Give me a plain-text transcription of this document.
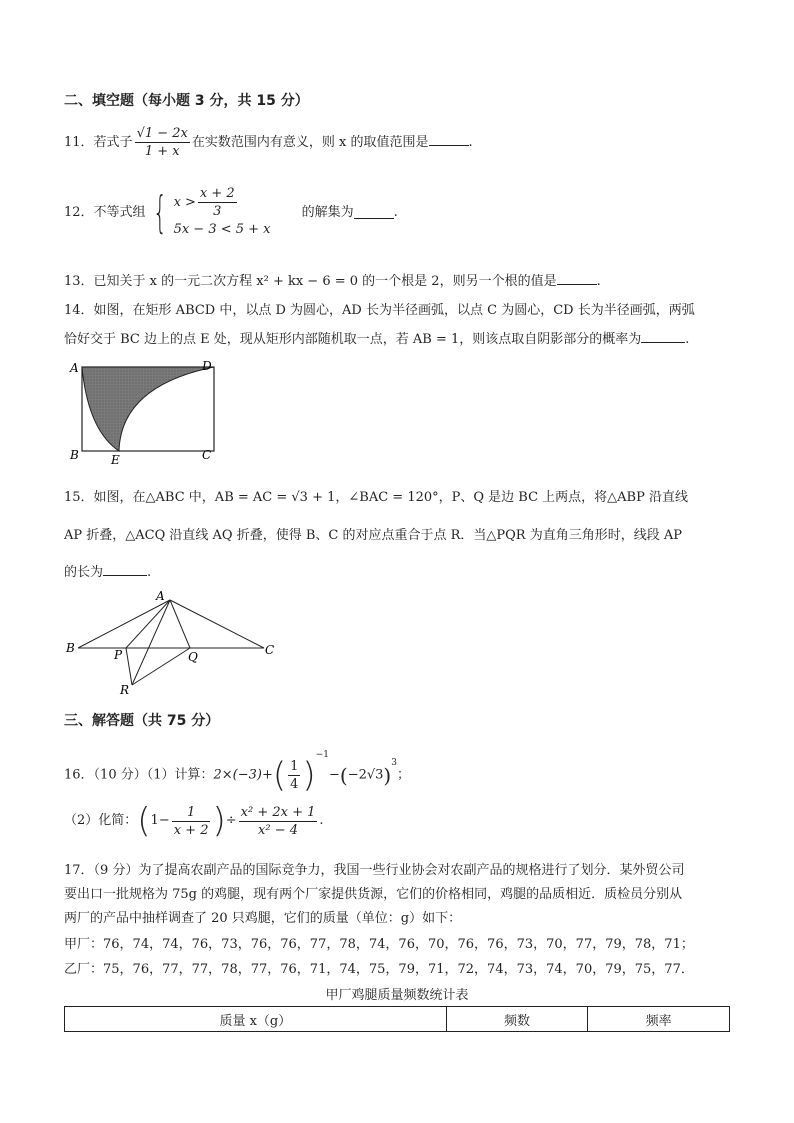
二、填空题（每小题 3 分，共 15 分）
11．若式子 $\frac{√1 - 2x}{1 + x}$ 在实数范围内有意义，则 x 的取值范围是	.
12．不等式组 { $x > \frac{x + 2}{3}$
5x − 3 < 5 + x
的解集为	.
13．已知关于 x 的一元二次方程 x² + kx − 6 = 0 的一个根是 2，则另一个根的值是	.
14．如图，在矩形 ABCD 中，以点 D 为圆心，AD 长为半径画弧，以点 C 为圆心，CD 长为半径画弧，两弧
恰好交于 BC 边上的点 E 处，现从矩形内部随机取一点，若 AB = 1，则该点取自阴影部分的概率为	.
A	D
B	E	C
15．如图，在△ABC 中，AB = AC = √3 + 1，∠BAC = 120°，P、Q 是边 BC 上两点，将△ABP 沿直线
AP 折叠，△ACQ 沿直线 AQ 折叠，使得 B、C 的对应点重合于点 R．当△PQR 为直角三角形时，线段 AP
的长为	.
A
B	C
P	Q
R
三、解答题（共 75 分）
16．（10 分）（1）计算：$2\times(-3)+( \frac{1}{4} )^{-1}-(-2√3)^3$；
（2）化简：($1- \frac{1}{x + 2}$ )÷ $\frac{\text{x² + 2x + 1}}{\text{x² − 4}}$ .
17．（9 分）为了提高农副产品的国际竞争力，我国一些行业协会对农副产品的规格进行了划分．某外贸公司
要出口一批规格为 75g 的鸡腿，现有两个厂家提供货源，它们的价格相同，鸡腿的品质相近．质检员分别从
两厂的产品中抽样调查了 20 只鸡腿，它们的质量（单位：g）如下：
甲厂：76，74，74，76，73，76，76，77，78，74，76，70，76，76，73，70，77，79，78，71；
乙厂：75，76，77，77，78，77，76，71，74，75，79，71，72，74，73，74，70，79，75，77．
甲厂鸡腿质量频数统计表
质量 x（g）	频数	频率
